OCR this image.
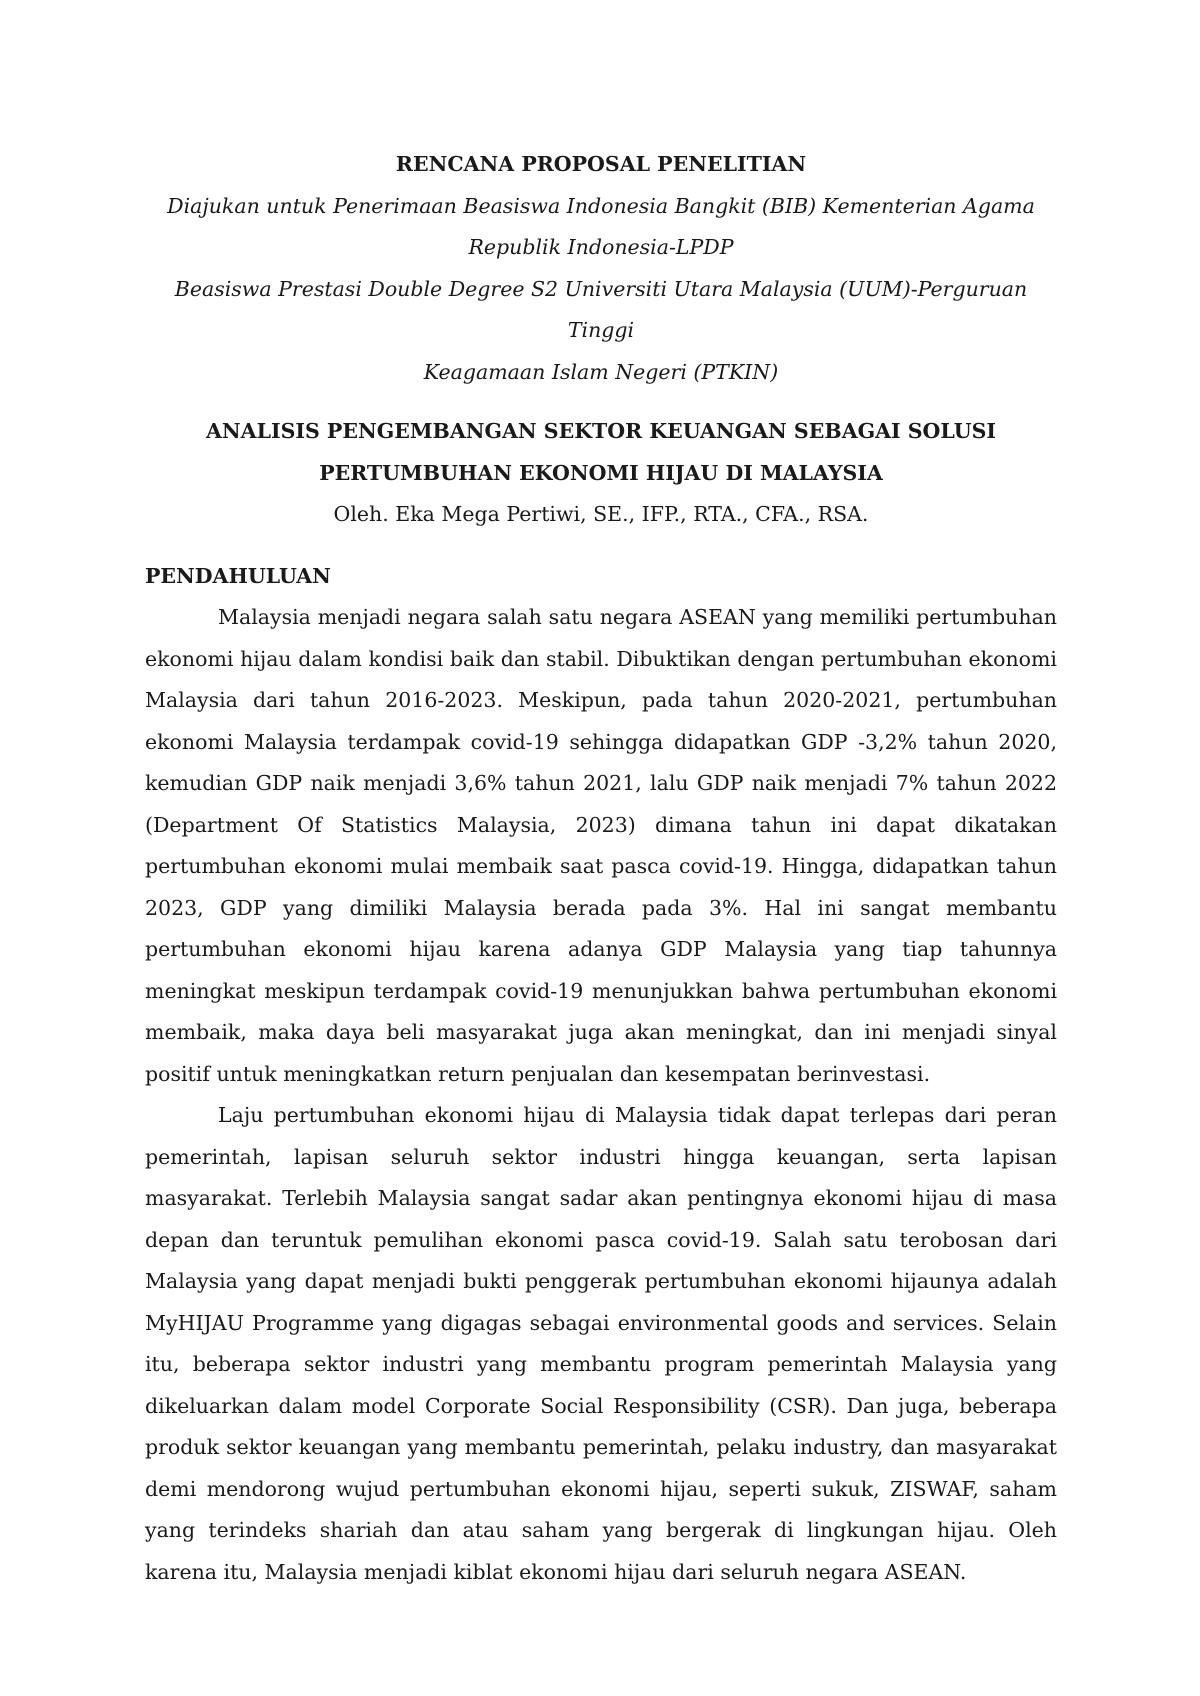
RENCANA PROPOSAL PENELITIAN

Diajukan untuk Penerimaan Beasiswa Indonesia Bangkit (BIB) Kementerian Agama

Republik Indonesia-LPDP

Beasiswa Prestasi Double Degree S2 Universiti Utara Malaysia (UUM)-Perguruan Tinggi

Keagamaan Islam Negeri (PTKIN)

ANALISIS PENGEMBANGAN SEKTOR KEUANGAN SEBAGAI SOLUSI

PERTUMBUHAN EKONOMI HIJAU DI MALAYSIA

Oleh. Eka Mega Pertiwi, SE., IFP., RTA., CFA., RSA.

PENDAHULUAN

Malaysia menjadi negara salah satu negara ASEAN yang memiliki pertumbuhan ekonomi hijau dalam kondisi baik dan stabil. Dibuktikan dengan pertumbuhan ekonomi Malaysia dari tahun 2016-2023. Meskipun, pada tahun 2020-2021, pertumbuhan ekonomi Malaysia terdampak covid-19 sehingga didapatkan GDP -3,2% tahun 2020, kemudian GDP naik menjadi 3,6% tahun 2021, lalu GDP naik menjadi 7% tahun 2022 (Department Of Statistics Malaysia, 2023) dimana tahun ini dapat dikatakan pertumbuhan ekonomi mulai membaik saat pasca covid-19. Hingga, didapatkan tahun 2023, GDP yang dimiliki Malaysia berada pada 3%. Hal ini sangat membantu pertumbuhan ekonomi hijau karena adanya GDP Malaysia yang tiap tahunnya meningkat meskipun terdampak covid-19 menunjukkan bahwa pertumbuhan ekonomi membaik, maka daya beli masyarakat juga akan meningkat, dan ini menjadi sinyal positif untuk meningkatkan return penjualan dan kesempatan berinvestasi.

Laju pertumbuhan ekonomi hijau di Malaysia tidak dapat terlepas dari peran pemerintah, lapisan seluruh sektor industri hingga keuangan, serta lapisan masyarakat. Terlebih Malaysia sangat sadar akan pentingnya ekonomi hijau di masa depan dan teruntuk pemulihan ekonomi pasca covid-19. Salah satu terobosan dari Malaysia yang dapat menjadi bukti penggerak pertumbuhan ekonomi hijaunya adalah MyHIJAU Programme yang digagas sebagai environmental goods and services. Selain itu, beberapa sektor industri yang membantu program pemerintah Malaysia yang dikeluarkan dalam model Corporate Social Responsibility (CSR). Dan juga, beberapa produk sektor keuangan yang membantu pemerintah, pelaku industry, dan masyarakat demi mendorong wujud pertumbuhan ekonomi hijau, seperti sukuk, ZISWAF, saham yang terindeks shariah dan atau saham yang bergerak di lingkungan hijau. Oleh karena itu, Malaysia menjadi kiblat ekonomi hijau dari seluruh negara ASEAN.
